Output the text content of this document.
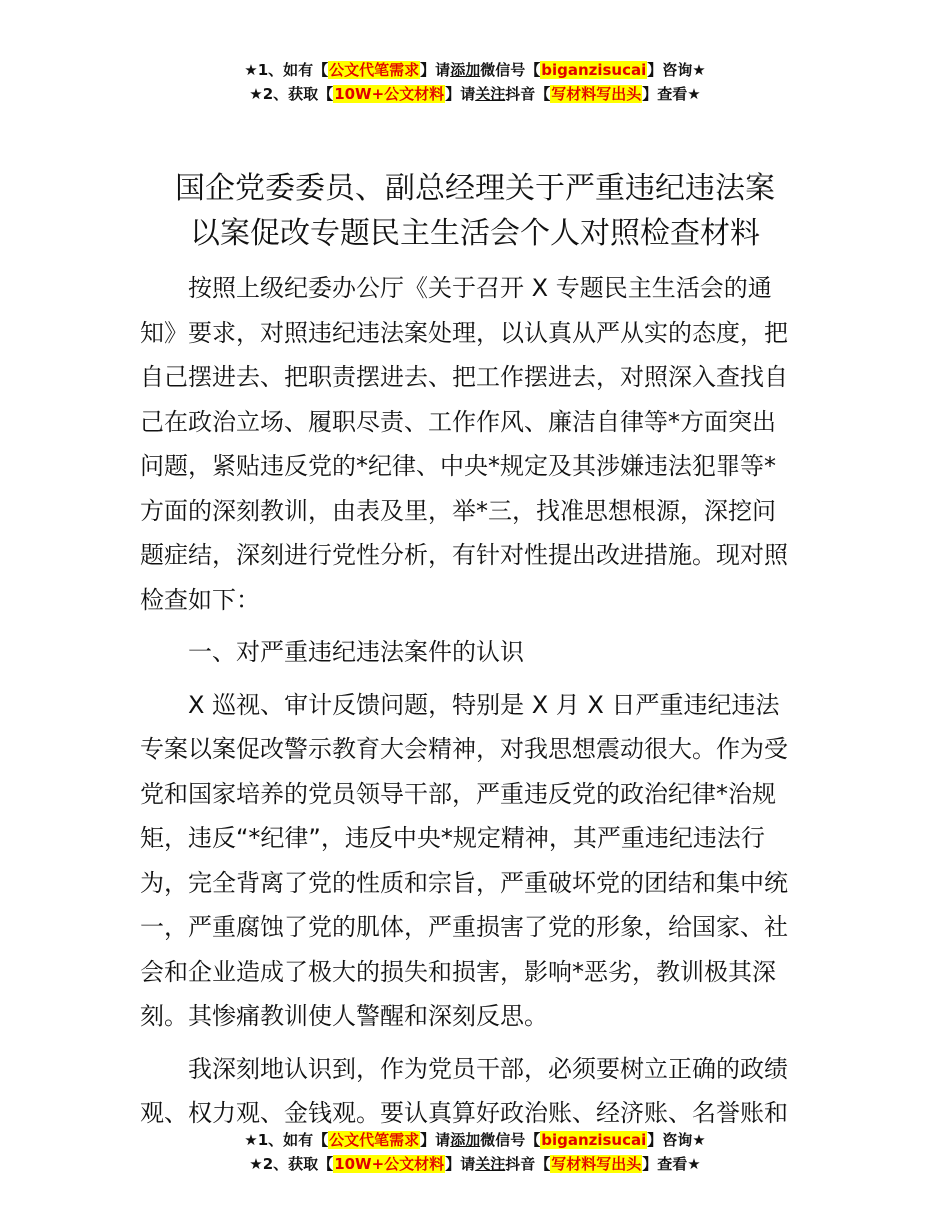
★1、如有【公文代笔需求】请添加微信号【biganzisucai】咨询★
★2、获取【10W+公文材料】请关注抖音【写材料写出头】查看★
国企党委委员、副总经理关于严重违纪违法案
以案促改专题民主生活会个人对照检查材料
　　按照上级纪委办公厅《关于召开 X 专题民主生活会的通
知》要求，对照违纪违法案处理，以认真从严从实的态度，把
自己摆进去、把职责摆进去、把工作摆进去，对照深入查找自
己在政治立场、履职尽责、工作作风、廉洁自律等*方面突出
问题，紧贴违反党的*纪律、中央*规定及其涉嫌违法犯罪等*
方面的深刻教训，由表及里，举*三，找准思想根源，深挖问
题症结，深刻进行党性分析，有针对性提出改进措施。现对照
检查如下：
　　一、对严重违纪违法案件的认识
　　X 巡视、审计反馈问题，特别是 X 月 X 日严重违纪违法
专案以案促改警示教育大会精神，对我思想震动很大。作为受
党和国家培养的党员领导干部，严重违反党的政治纪律*治规
矩，违反“*纪律”，违反中央*规定精神，其严重违纪违法行
为，完全背离了党的性质和宗旨，严重破坏党的团结和集中统
一，严重腐蚀了党的肌体，严重损害了党的形象，给国家、社
会和企业造成了极大的损失和损害，影响*恶劣，教训极其深
刻。其惨痛教训使人警醒和深刻反思。
　　我深刻地认识到，作为党员干部，必须要树立正确的政绩
观、权力观、金钱观。要认真算好政治账、经济账、名誉账和
★1、如有【公文代笔需求】请添加微信号【biganzisucai】咨询★
★2、获取【10W+公文材料】请关注抖音【写材料写出头】查看★
